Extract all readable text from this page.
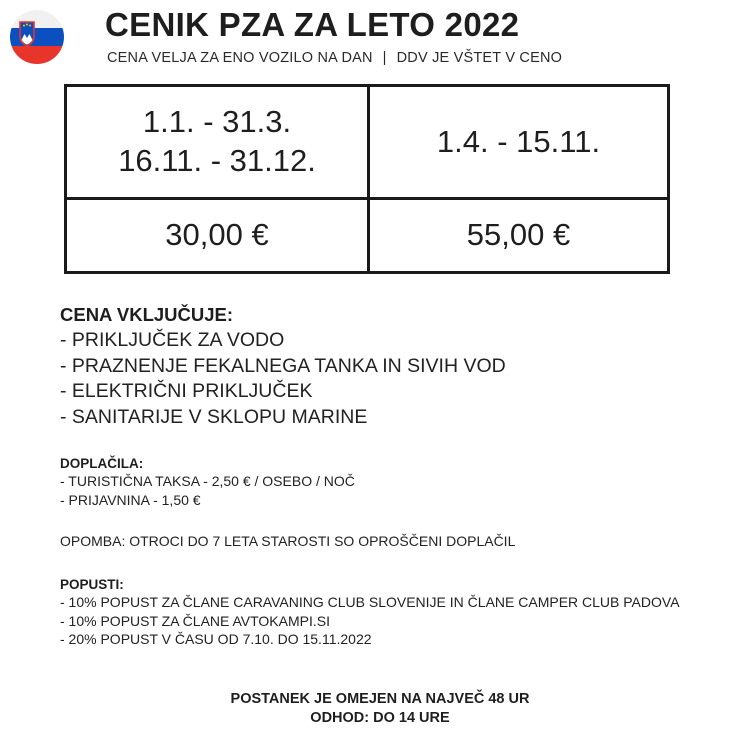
CENIK PZA ZA LETO 2022
CENA VELJA ZA ENO VOZILO NA DAN | DDV JE VŠTET V CENO
1.1. - 31.3.
16.11. - 31.12.
1.4. - 15.11.
30,00 €	55,00 €
CENA VKLJUČUJE:
- PRIKLJUČEK ZA VODO
- PRAZNENJE FEKALNEGA TANKA IN SIVIH VOD
- ELEKTRIČNI PRIKLJUČEK
- SANITARIJE V SKLOPU MARINE
DOPLAČILA:
- TURISTIČNA TAKSA - 2,50 € / OSEBO / NOČ
- PRIJAVNINA - 1,50 €
OPOMBA: OTROCI DO 7 LETA STAROSTI SO OPROŠČENI DOPLAČIL
POPUSTI:
- 10% POPUST ZA ČLANE CARAVANING CLUB SLOVENIJE IN ČLANE CAMPER CLUB PADOVA
- 10% POPUST ZA ČLANE AVTOKAMPI.SI
- 20% POPUST V ČASU OD 7.10. DO 15.11.2022
POSTANEK JE OMEJEN NA NAJVEČ 48 UR
ODHOD: DO 14 URE
